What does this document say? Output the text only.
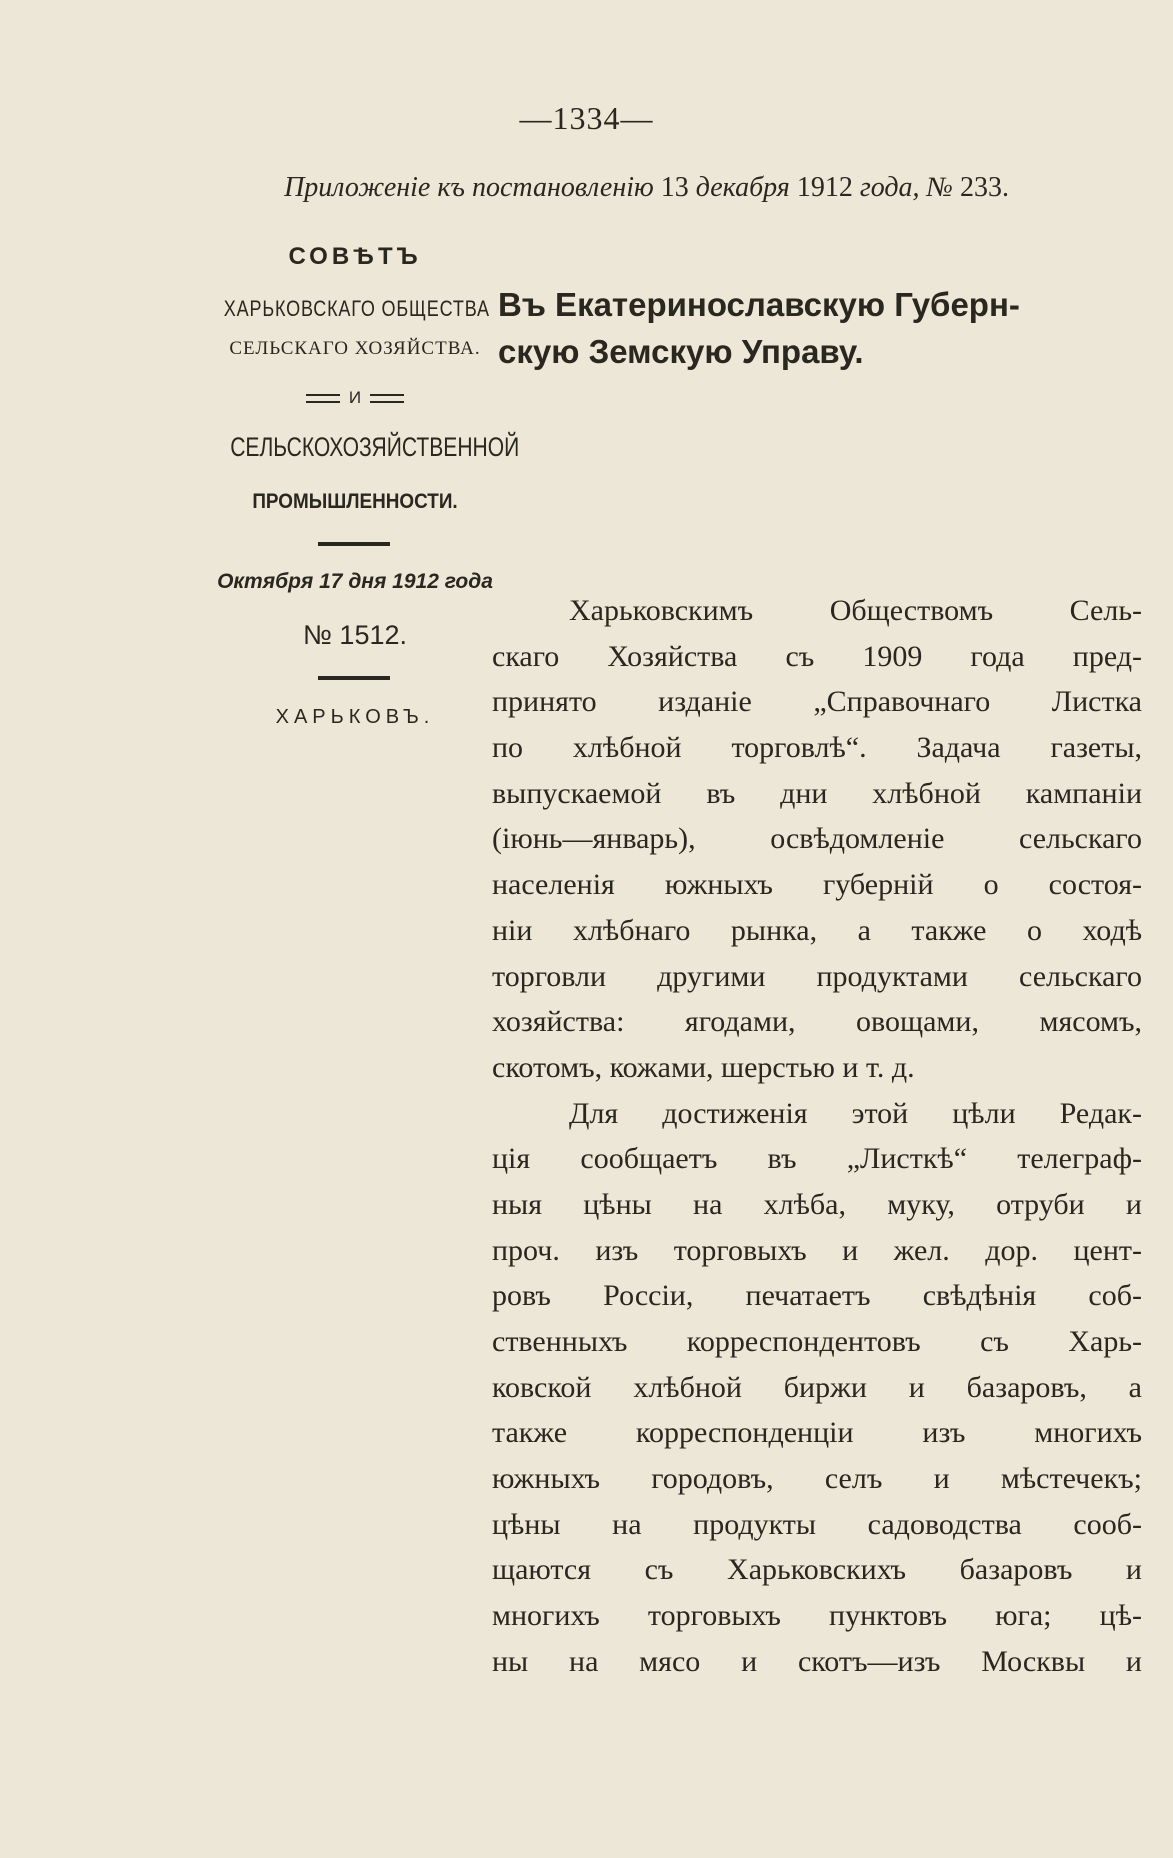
—1334—
Приложенiе къ постановленiю 13 декабря 1912 года, № 233.
СОВѢТЪ
ХАРЬКОВСКАГО ОБЩЕСТВА
СЕЛЬСКАГО ХОЗЯЙСТВА.
И
СЕЛЬСКОХОЗЯЙСТВЕННОЙ
ПРОМЫШЛЕННОСТИ.
Октября 17 дня 1912 года
№ 1512.
ХАРЬКОВЪ.
Въ Екатеринославскую Губерн-
скую Земскую Управу.
Харьковскимъ Обществомъ Сель-
скаго Хозяйства съ 1909 года пред-
принято изданiе „Справочнаго Листка
по хлѣбной торговлѣ“. Задача газеты,
выпускаемой въ дни хлѣбной кампанiи
(iюнь—январь), освѣдомленiе сельскаго
населенiя южныхъ губернiй о состоя-
нiи хлѣбнаго рынка, а также о ходѣ
торговли другими продуктами сельскаго
хозяйства: ягодами, овощами, мясомъ,
скотомъ, кожами, шерстью и т. д.
Для достиженiя этой цѣли Редак-
цiя сообщаетъ въ „Листкѣ“ телеграф-
ныя цѣны на хлѣба, муку, отруби и
проч. изъ торговыхъ и жел. дор. цент-
ровъ Россiи, печатаетъ свѣдѣнiя соб-
ственныхъ корреспондентовъ съ Харь-
ковской хлѣбной биржи и базаровъ, а
также корреспонденцiи изъ многихъ
южныхъ городовъ, селъ и мѣстечекъ;
цѣны на продукты садоводства сооб-
щаются съ Харьковскихъ базаровъ и
многихъ торговыхъ пунктовъ юга; цѣ-
ны на мясо и скотъ—изъ Москвы и
